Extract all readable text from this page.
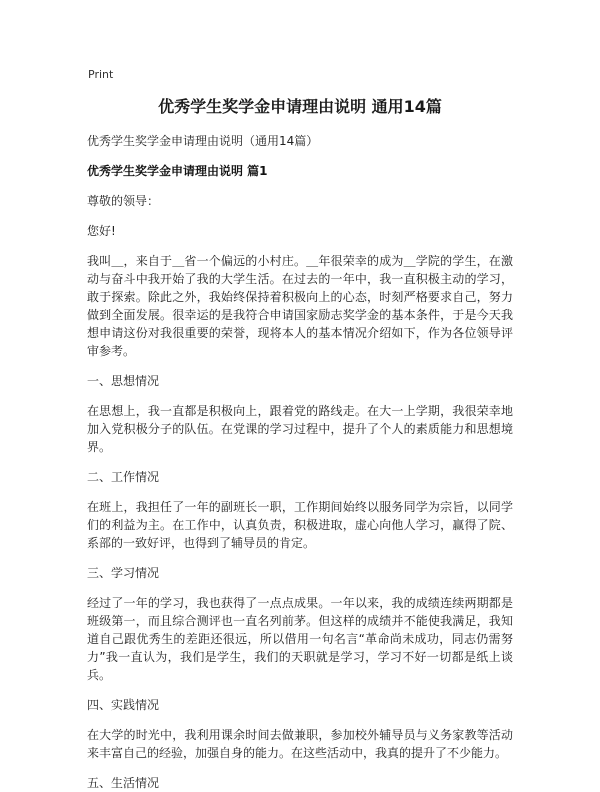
Print
优秀学生奖学金申请理由说明 通用14篇
优秀学生奖学金申请理由说明（通用14篇）
优秀学生奖学金申请理由说明 篇1
尊敬的领导：
您好!
我叫＿，来自于＿省一个偏远的小村庄。＿年很荣幸的成为＿学院的学生，在激动与奋斗中我开始了我的大学生活。在过去的一年中，我一直积极主动的学习，敢于探索。除此之外，我始终保持着积极向上的心态，时刻严格要求自己，努力做到全面发展。很幸运的是我符合申请国家励志奖学金的基本条件，于是今天我想申请这份对我很重要的荣誉，现将本人的基本情况介绍如下，作为各位领导评审参考。
一、思想情况
在思想上，我一直都是积极向上，跟着党的路线走。在大一上学期，我很荣幸地加入党积极分子的队伍。在党课的学习过程中，提升了个人的素质能力和思想境界。
二、工作情况
在班上，我担任了一年的副班长一职，工作期间始终以服务同学为宗旨，以同学们的利益为主。在工作中，认真负责，积极进取，虚心向他人学习，赢得了院、系部的一致好评，也得到了辅导员的肯定。
三、学习情况
经过了一年的学习，我也获得了一点点成果。一年以来，我的成绩连续两期都是班级第一，而且综合测评也一直名列前茅。但这样的成绩并不能使我满足，我知道自己跟优秀生的差距还很远，所以借用一句名言“革命尚未成功，同志仍需努力”我一直认为，我们是学生，我们的天职就是学习，学习不好一切都是纸上谈兵。
四、实践情况
在大学的时光中，我利用课余时间去做兼职，参加校外辅导员与义务家教等活动来丰富自己的经验，加强自身的能力。在这些活动中，我真的提升了不少能力。
五、生活情况
